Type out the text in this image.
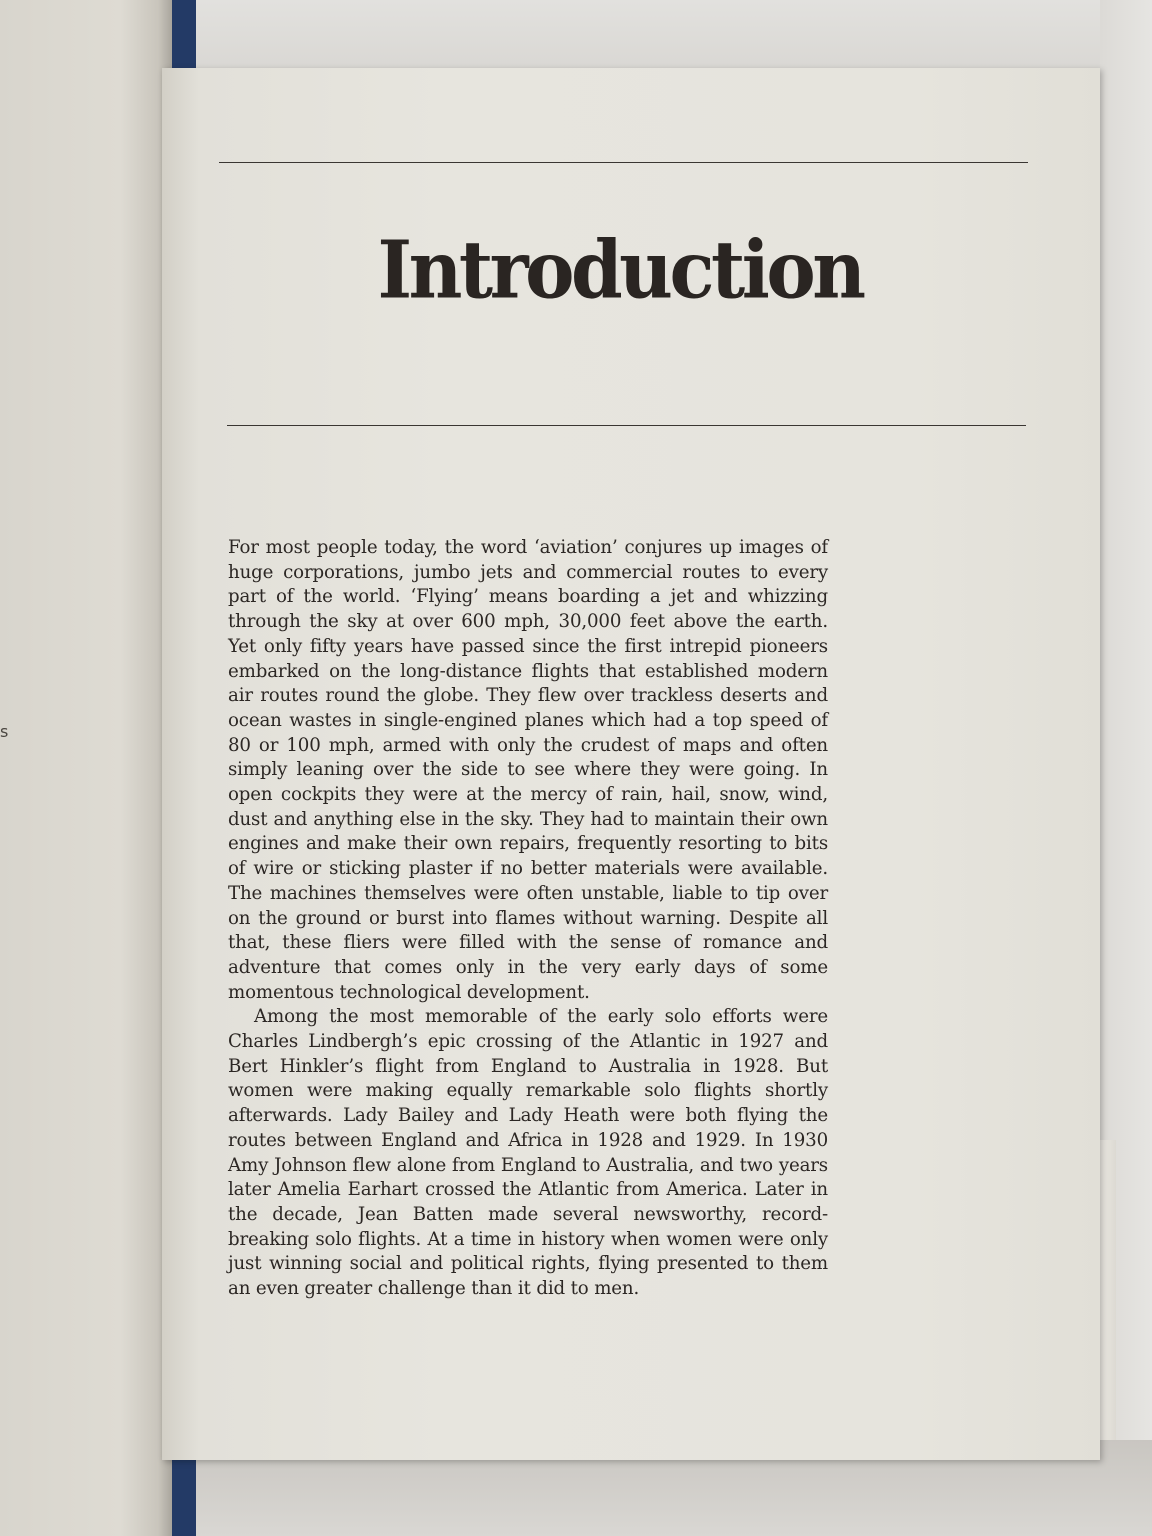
s
Introduction

For most people today, the word ‘aviation’ conjures up images of huge corporations, jumbo jets and commercial routes to every part of the world. ‘Flying’ means boarding a jet and whizzing through the sky at over 600 mph, 30,000 feet above the earth. Yet only fifty years have passed since the first intrepid pioneers embarked on the long-distance flights that established modern air routes round the globe. They flew over trackless deserts and ocean wastes in single-engined planes which had a top speed of 80 or 100 mph, armed with only the crudest of maps and often simply leaning over the side to see where they were going. In open cockpits they were at the mercy of rain, hail, snow, wind, dust and anything else in the sky. They had to maintain their own engines and make their own repairs, frequently resorting to bits of wire or sticking plaster if no better materials were available. The machines themselves were often unstable, liable to tip over on the ground or burst into flames without warning. Despite all that, these fliers were filled with the sense of romance and adventure that comes only in the very early days of some momentous technological development.

Among the most memorable of the early solo efforts were Charles Lindbergh’s epic crossing of the Atlantic in 1927 and Bert Hinkler’s flight from England to Australia in 1928. But women were making equally remarkable solo flights shortly afterwards. Lady Bailey and Lady Heath were both flying the routes between England and Africa in 1928 and 1929. In 1930 Amy Johnson flew alone from England to Australia, and two years later Amelia Earhart crossed the Atlantic from America. Later in the decade, Jean Batten made several newsworthy, record-breaking solo flights. At a time in history when women were only just winning social and political rights, flying presented to them an even greater challenge than it did to men.
